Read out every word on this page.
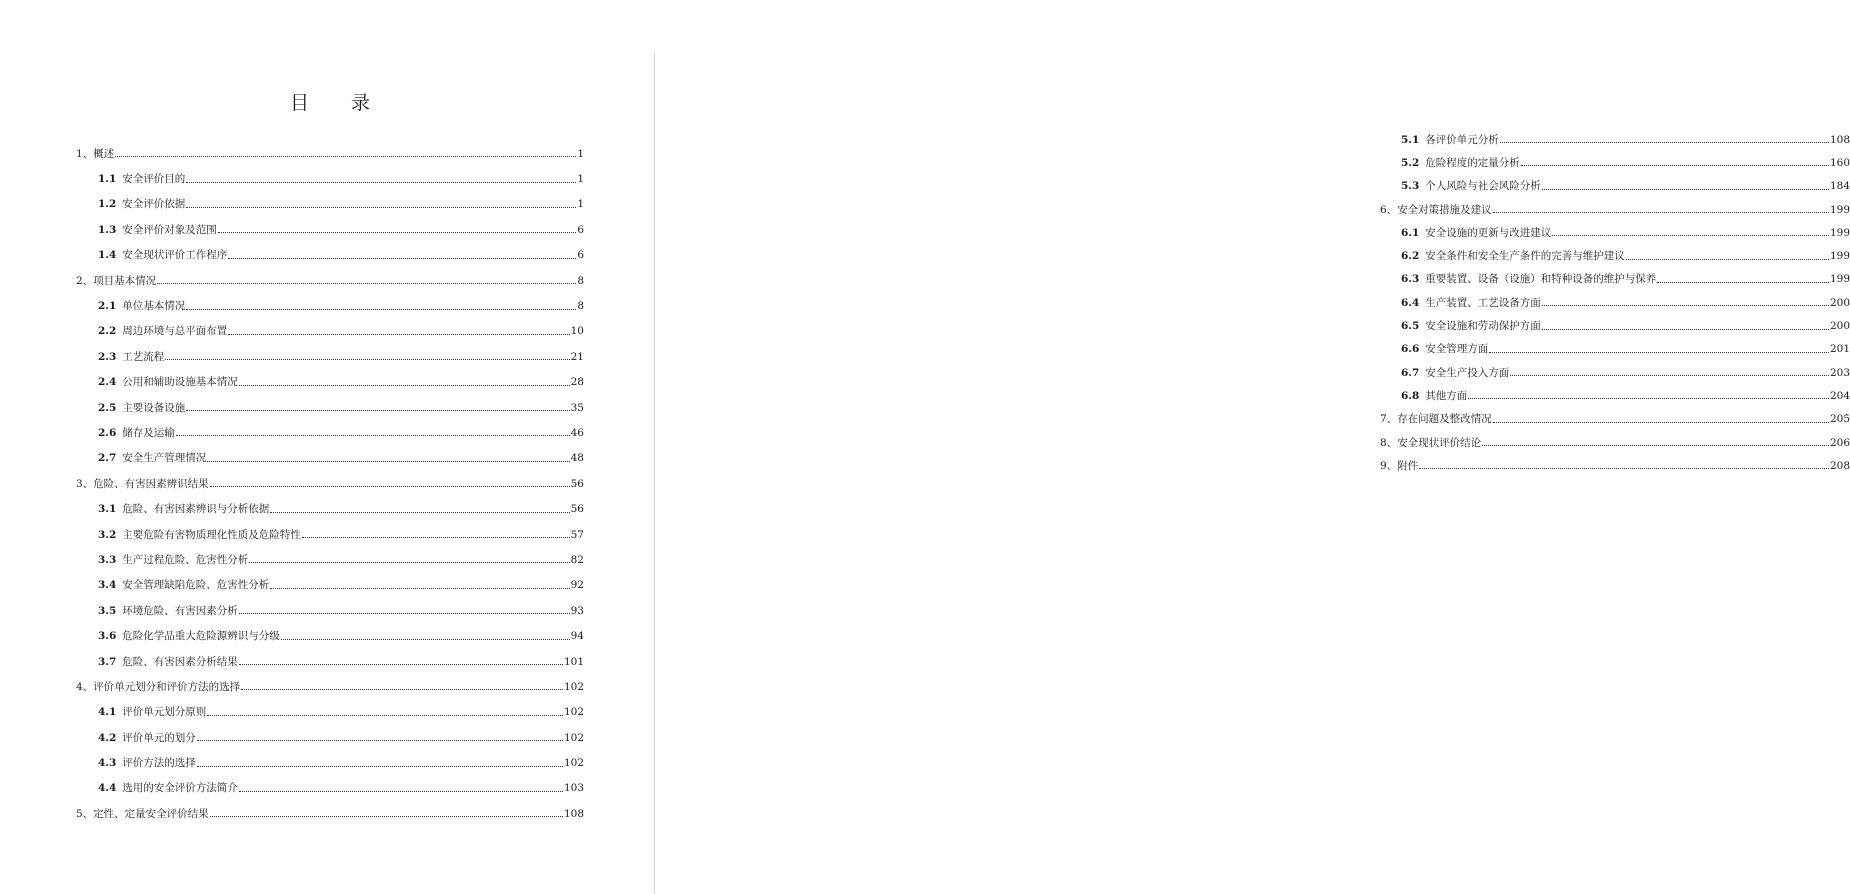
目 录
1、 概述	1
1.1 安全评价目的	1
1.2 安全评价依据	1
1.3 安全评价对象及范围	6
1.4 安全现状评价工作程序	6
2、 项目基本情况	8
2.1 单位基本情况	8
2.2 周边环境与总平面布置	10
2.3 工艺流程	21
2.4 公用和辅助设施基本情况	28
2.5 主要设备设施	35
2.6 储存及运输	46
2.7 安全生产管理情况	48
3、 危险、有害因素辨识结果	56
3.1 危险、有害因素辨识与分析依据	56
3.2 主要危险有害物质理化性质及危险特性	57
3.3 生产过程危险、危害性分析	82
3.4 安全管理缺陷危险、危害性分析	92
3.5 环境危险、有害因素分析	93
3.6 危险化学品重大危险源辨识与分级	94
3.7 危险、有害因素分析结果	101
4、 评价单元划分和评价方法的选择	102
4.1 评价单元划分原则	102
4.2 评价单元的划分	102
4.3 评价方法的选择	102
4.4 选用的安全评价方法简介	103
5、 定性、定量安全评价结果	108
5.1 各评价单元分析	108
5.2 危险程度的定量分析	160
5.3 个人风险与社会风险分析	184
6、 安全对策措施及建议	199
6.1 安全设施的更新与改进建议	199
6.2 安全条件和安全生产条件的完善与维护建议	199
6.3 重要装置、设备（设施）和特种设备的维护与保养	199
6.4 生产装置、工艺设备方面	200
6.5 安全设施和劳动保护方面	200
6.6 安全管理方面	201
6.7 安全生产投入方面	203
6.8 其他方面	204
7、 存在问题及整改情况	205
8、 安全现状评价结论	206
9、 附件	208
